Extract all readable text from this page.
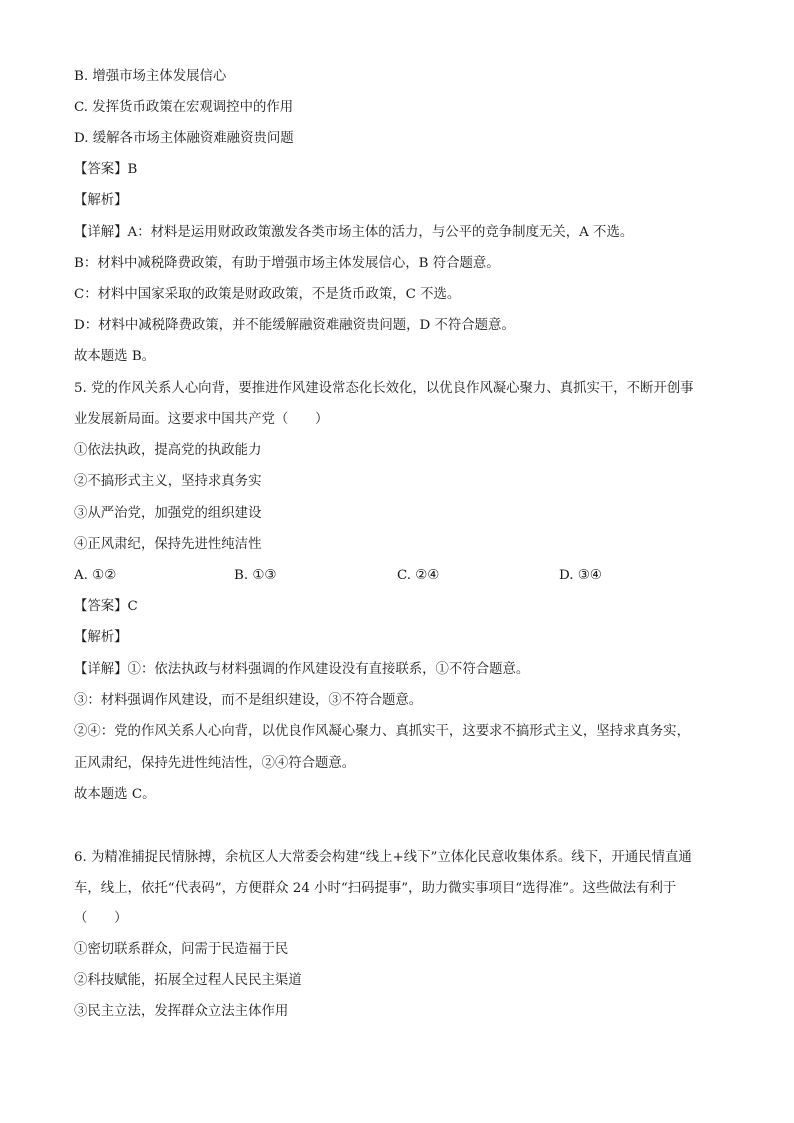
B. 增强市场主体发展信心
C. 发挥货币政策在宏观调控中的作用
D. 缓解各市场主体融资难融资贵问题
【答案】B
【解析】
【详解】A：材料是运用财政政策激发各类市场主体的活力，与公平的竞争制度无关，A 不选。
B：材料中减税降费政策，有助于增强市场主体发展信心，B 符合题意。
C：材料中国家采取的政策是财政政策，不是货币政策，C 不选。
D：材料中减税降费政策，并不能缓解融资难融资贵问题，D 不符合题意。
故本题选 B。
5. 党的作风关系人心向背，要推进作风建设常态化长效化，以优良作风凝心聚力、真抓实干，不断开创事
业发展新局面。这要求中国共产党（　　）
①依法执政，提高党的执政能力
②不搞形式主义，坚持求真务实
③从严治党，加强党的组织建设
④正风肃纪，保持先进性纯洁性
A. ①②	B. ①③	C. ②④	D. ③④
【答案】C
【解析】
【详解】①：依法执政与材料强调的作风建设没有直接联系，①不符合题意。
③：材料强调作风建设，而不是组织建设，③不符合题意。
②④：党的作风关系人心向背，以优良作风凝心聚力、真抓实干，这要求不搞形式主义，坚持求真务实，
正风肃纪，保持先进性纯洁性，②④符合题意。
故本题选 C。
6. 为精准捕捉民情脉搏，余杭区人大常委会构建“线上+线下”立体化民意收集体系。线下，开通民情直通
车，线上，依托“代表码”，方便群众 24 小时“扫码提事”，助力微实事项目“选得准”。这些做法有利于
（　　）
①密切联系群众，问需于民造福于民
②科技赋能，拓展全过程人民民主渠道
③民主立法，发挥群众立法主体作用
